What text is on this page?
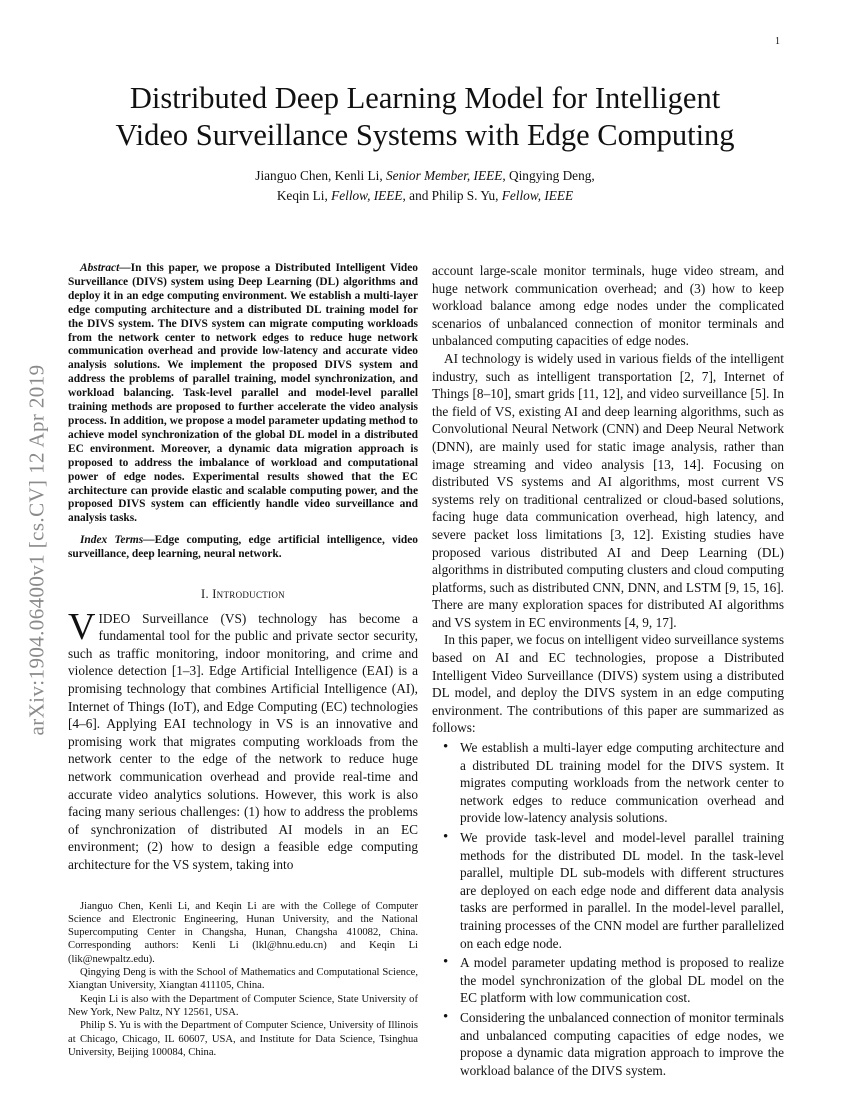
1
arXiv:1904.06400v1 [cs.CV] 12 Apr 2019
Distributed Deep Learning Model for Intelligent
Video Surveillance Systems with Edge Computing
Jianguo Chen, Kenli Li, Senior Member, IEEE, Qingying Deng,
Keqin Li, Fellow, IEEE, and Philip S. Yu, Fellow, IEEE

Abstract—In this paper, we propose a Distributed Intelligent Video Surveillance (DIVS) system using Deep Learning (DL) algorithms and deploy it in an edge computing environment. We establish a multi-layer edge computing architecture and a distributed DL training model for the DIVS system. The DIVS system can migrate computing workloads from the network center to network edges to reduce huge network communication overhead and provide low-latency and accurate video analysis solutions. We implement the proposed DIVS system and address the problems of parallel training, model synchronization, and workload balancing. Task-level parallel and model-level parallel training methods are proposed to further accelerate the video analysis process. In addition, we propose a model parameter updating method to achieve model synchronization of the global DL model in a distributed EC environment. Moreover, a dynamic data migration approach is proposed to address the imbalance of workload and computational power of edge nodes. Experimental results showed that the EC architecture can provide elastic and scalable computing power, and the proposed DIVS system can efficiently handle video surveillance and analysis tasks.

Index Terms—Edge computing, edge artificial intelligence, video surveillance, deep learning, neural network.

I. Introduction

VIDEO Surveillance (VS) technology has become a fundamental tool for the public and private sector security, such as traffic monitoring, indoor monitoring, and crime and violence detection [1–3]. Edge Artificial Intelligence (EAI) is a promising technology that combines Artificial Intelligence (AI), Internet of Things (IoT), and Edge Computing (EC) technologies [4–6]. Applying EAI technology in VS is an innovative and promising work that migrates computing workloads from the network center to the edge of the network to reduce huge network communication overhead and provide real-time and accurate video analytics solutions. However, this work is also facing many serious challenges: (1) how to address the problems of synchronization of distributed AI models in an EC environment; (2) how to design a feasible edge computing architecture for the VS system, taking into

Jianguo Chen, Kenli Li, and Keqin Li are with the College of Computer Science and Electronic Engineering, Hunan University, and the National Supercomputing Center in Changsha, Hunan, Changsha 410082, China. Corresponding authors: Kenli Li (lkl@hnu.edu.cn) and Keqin Li (lik@newpaltz.edu).

Qingying Deng is with the School of Mathematics and Computational Science, Xiangtan University, Xiangtan 411105, China.

Keqin Li is also with the Department of Computer Science, State University of New York, New Paltz, NY 12561, USA.

Philip S. Yu is with the Department of Computer Science, University of Illinois at Chicago, Chicago, IL 60607, USA, and Institute for Data Science, Tsinghua University, Beijing 100084, China.

account large-scale monitor terminals, huge video stream, and huge network communication overhead; and (3) how to keep workload balance among edge nodes under the complicated scenarios of unbalanced connection of monitor terminals and unbalanced computing capacities of edge nodes.

AI technology is widely used in various fields of the intelligent industry, such as intelligent transportation [2, 7], Internet of Things [8–10], smart grids [11, 12], and video surveillance [5]. In the field of VS, existing AI and deep learning algorithms, such as Convolutional Neural Network (CNN) and Deep Neural Network (DNN), are mainly used for static image analysis, rather than image streaming and video analysis [13, 14]. Focusing on distributed VS systems and AI algorithms, most current VS systems rely on traditional centralized or cloud-based solutions, facing huge data communication overhead, high latency, and severe packet loss limitations [3, 12]. Existing studies have proposed various distributed AI and Deep Learning (DL) algorithms in distributed computing clusters and cloud computing platforms, such as distributed CNN, DNN, and LSTM [9, 15, 16]. There are many exploration spaces for distributed AI algorithms and VS system in EC environments [4, 9, 17].

In this paper, we focus on intelligent video surveillance systems based on AI and EC technologies, propose a Distributed Intelligent Video Surveillance (DIVS) system using a distributed DL model, and deploy the DIVS system in an edge computing environment. The contributions of this paper are summarized as follows:

• We establish a multi-layer edge computing architecture and a distributed DL training model for the DIVS system. It migrates computing workloads from the network center to network edges to reduce communication overhead and provide low-latency analysis solutions.
• We provide task-level and model-level parallel training methods for the distributed DL model. In the task-level parallel, multiple DL sub-models with different structures are deployed on each edge node and different data analysis tasks are performed in parallel. In the model-level parallel, training processes of the CNN model are further parallelized on each edge node.
• A model parameter updating method is proposed to realize the model synchronization of the global DL model on the EC platform with low communication cost.
• Considering the unbalanced connection of monitor terminals and unbalanced computing capacities of edge nodes, we propose a dynamic data migration approach to improve the workload balance of the DIVS system.
